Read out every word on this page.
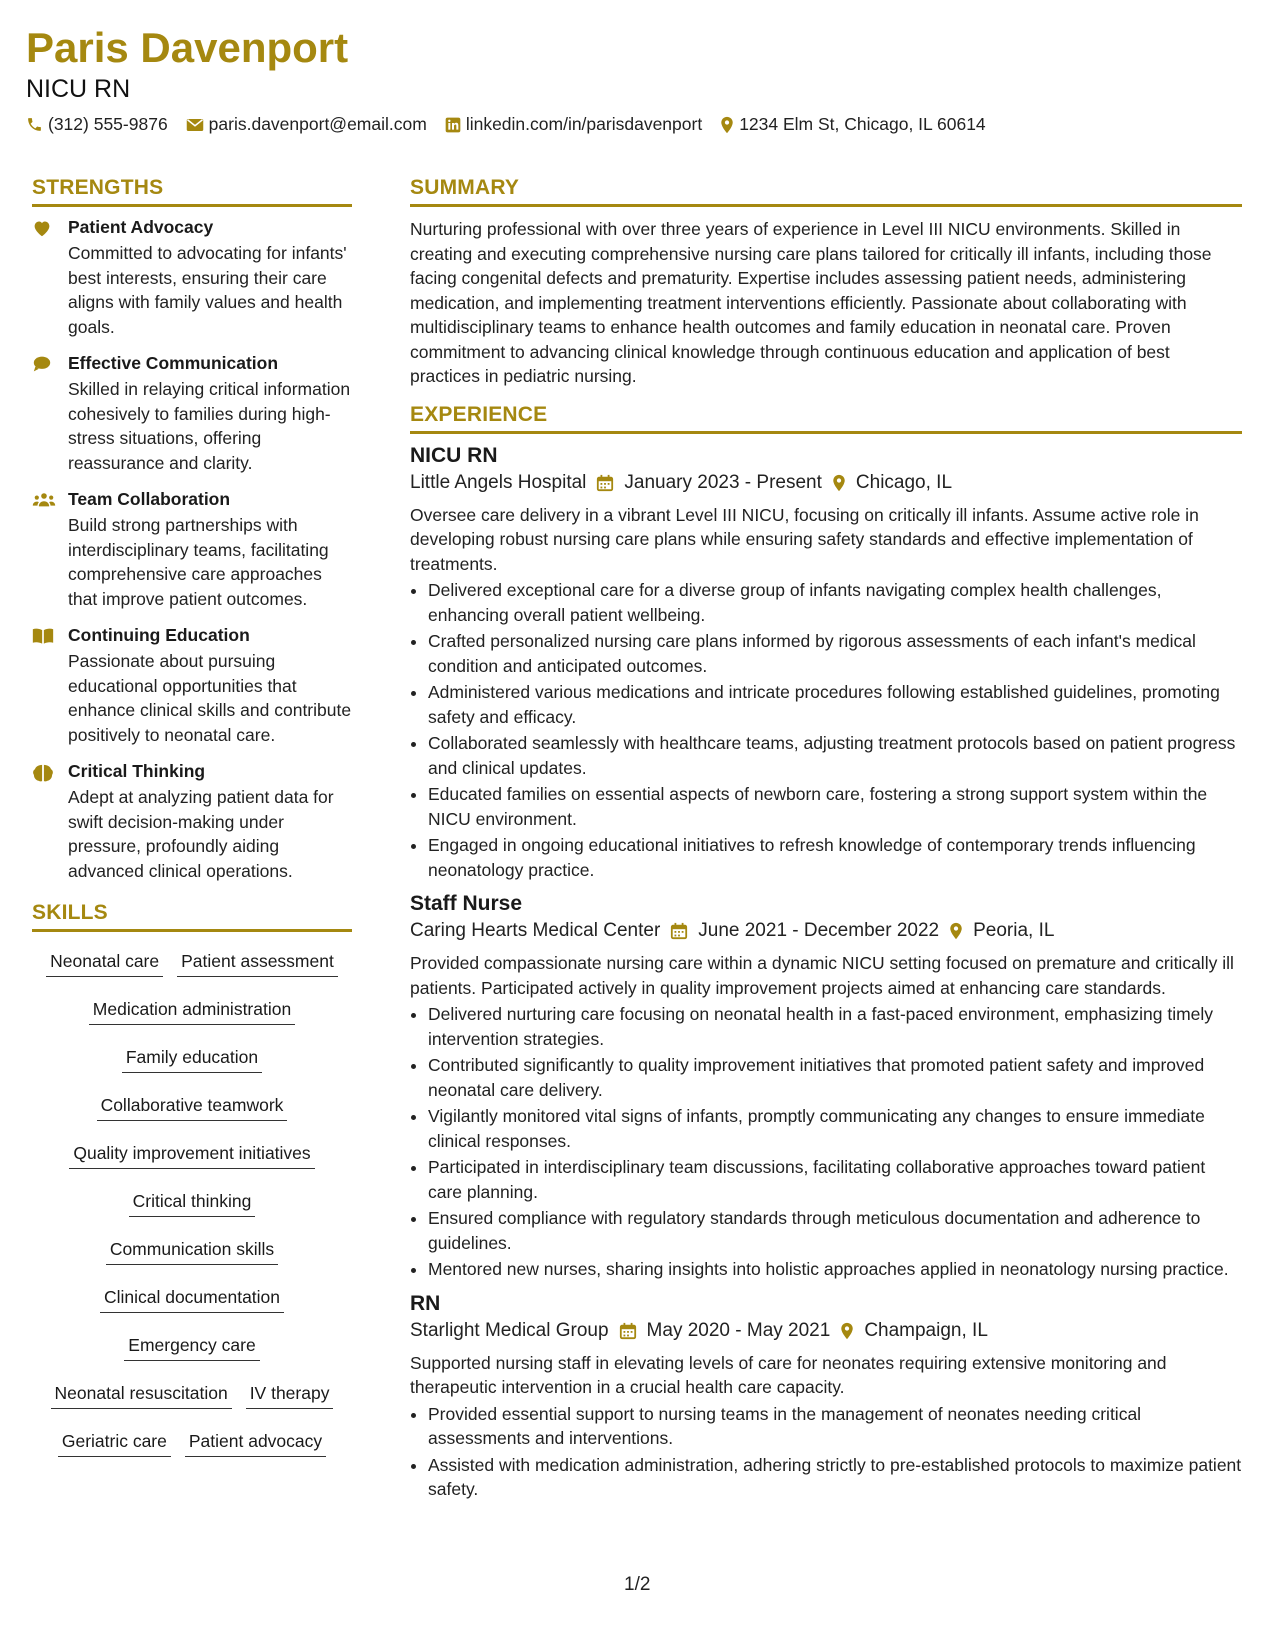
Paris Davenport
NICU RN
(312) 555-9876 paris.davenport@email.com linkedin.com/in/parisdavenport 1234 Elm St, Chicago, IL 60614
STRENGTHS
Patient Advocacy
Committed to advocating for infants' best interests, ensuring their care aligns with family values and health goals.
Effective Communication
Skilled in relaying critical information cohesively to families during high-stress situations, offering reassurance and clarity.
Team Collaboration
Build strong partnerships with interdisciplinary teams, facilitating comprehensive care approaches that improve patient outcomes.
Continuing Education
Passionate about pursuing educational opportunities that enhance clinical skills and contribute positively to neonatal care.
Critical Thinking
Adept at analyzing patient data for swift decision-making under pressure, profoundly aiding advanced clinical operations.
SKILLS
Neonatal care Patient assessment
Medication administration
Family education
Collaborative teamwork
Quality improvement initiatives
Critical thinking
Communication skills
Clinical documentation
Emergency care
Neonatal resuscitation IV therapy
Geriatric care Patient advocacy
SUMMARY
Nurturing professional with over three years of experience in Level III NICU environments. Skilled in creating and executing comprehensive nursing care plans tailored for critically ill infants, including those facing congenital defects and prematurity. Expertise includes assessing patient needs, administering medication, and implementing treatment interventions efficiently. Passionate about collaborating with multidisciplinary teams to enhance health outcomes and family education in neonatal care. Proven commitment to advancing clinical knowledge through continuous education and application of best practices in pediatric nursing.
EXPERIENCE
NICU RN
Little Angels Hospital January 2023 - Present Chicago, IL
Oversee care delivery in a vibrant Level III NICU, focusing on critically ill infants. Assume active role in developing robust nursing care plans while ensuring safety standards and effective implementation of treatments.
• Delivered exceptional care for a diverse group of infants navigating complex health challenges, enhancing overall patient wellbeing.
• Crafted personalized nursing care plans informed by rigorous assessments of each infant's medical condition and anticipated outcomes.
• Administered various medications and intricate procedures following established guidelines, promoting safety and efficacy.
• Collaborated seamlessly with healthcare teams, adjusting treatment protocols based on patient progress and clinical updates.
• Educated families on essential aspects of newborn care, fostering a strong support system within the NICU environment.
• Engaged in ongoing educational initiatives to refresh knowledge of contemporary trends influencing neonatology practice.
Staff Nurse
Caring Hearts Medical Center June 2021 - December 2022 Peoria, IL
Provided compassionate nursing care within a dynamic NICU setting focused on premature and critically ill patients. Participated actively in quality improvement projects aimed at enhancing care standards.
• Delivered nurturing care focusing on neonatal health in a fast-paced environment, emphasizing timely intervention strategies.
• Contributed significantly to quality improvement initiatives that promoted patient safety and improved neonatal care delivery.
• Vigilantly monitored vital signs of infants, promptly communicating any changes to ensure immediate clinical responses.
• Participated in interdisciplinary team discussions, facilitating collaborative approaches toward patient care planning.
• Ensured compliance with regulatory standards through meticulous documentation and adherence to guidelines.
• Mentored new nurses, sharing insights into holistic approaches applied in neonatology nursing practice.
RN
Starlight Medical Group May 2020 - May 2021 Champaign, IL
Supported nursing staff in elevating levels of care for neonates requiring extensive monitoring and therapeutic intervention in a crucial health care capacity.
• Provided essential support to nursing teams in the management of neonates needing critical assessments and interventions.
• Assisted with medication administration, adhering strictly to pre-established protocols to maximize patient safety.
1/2
